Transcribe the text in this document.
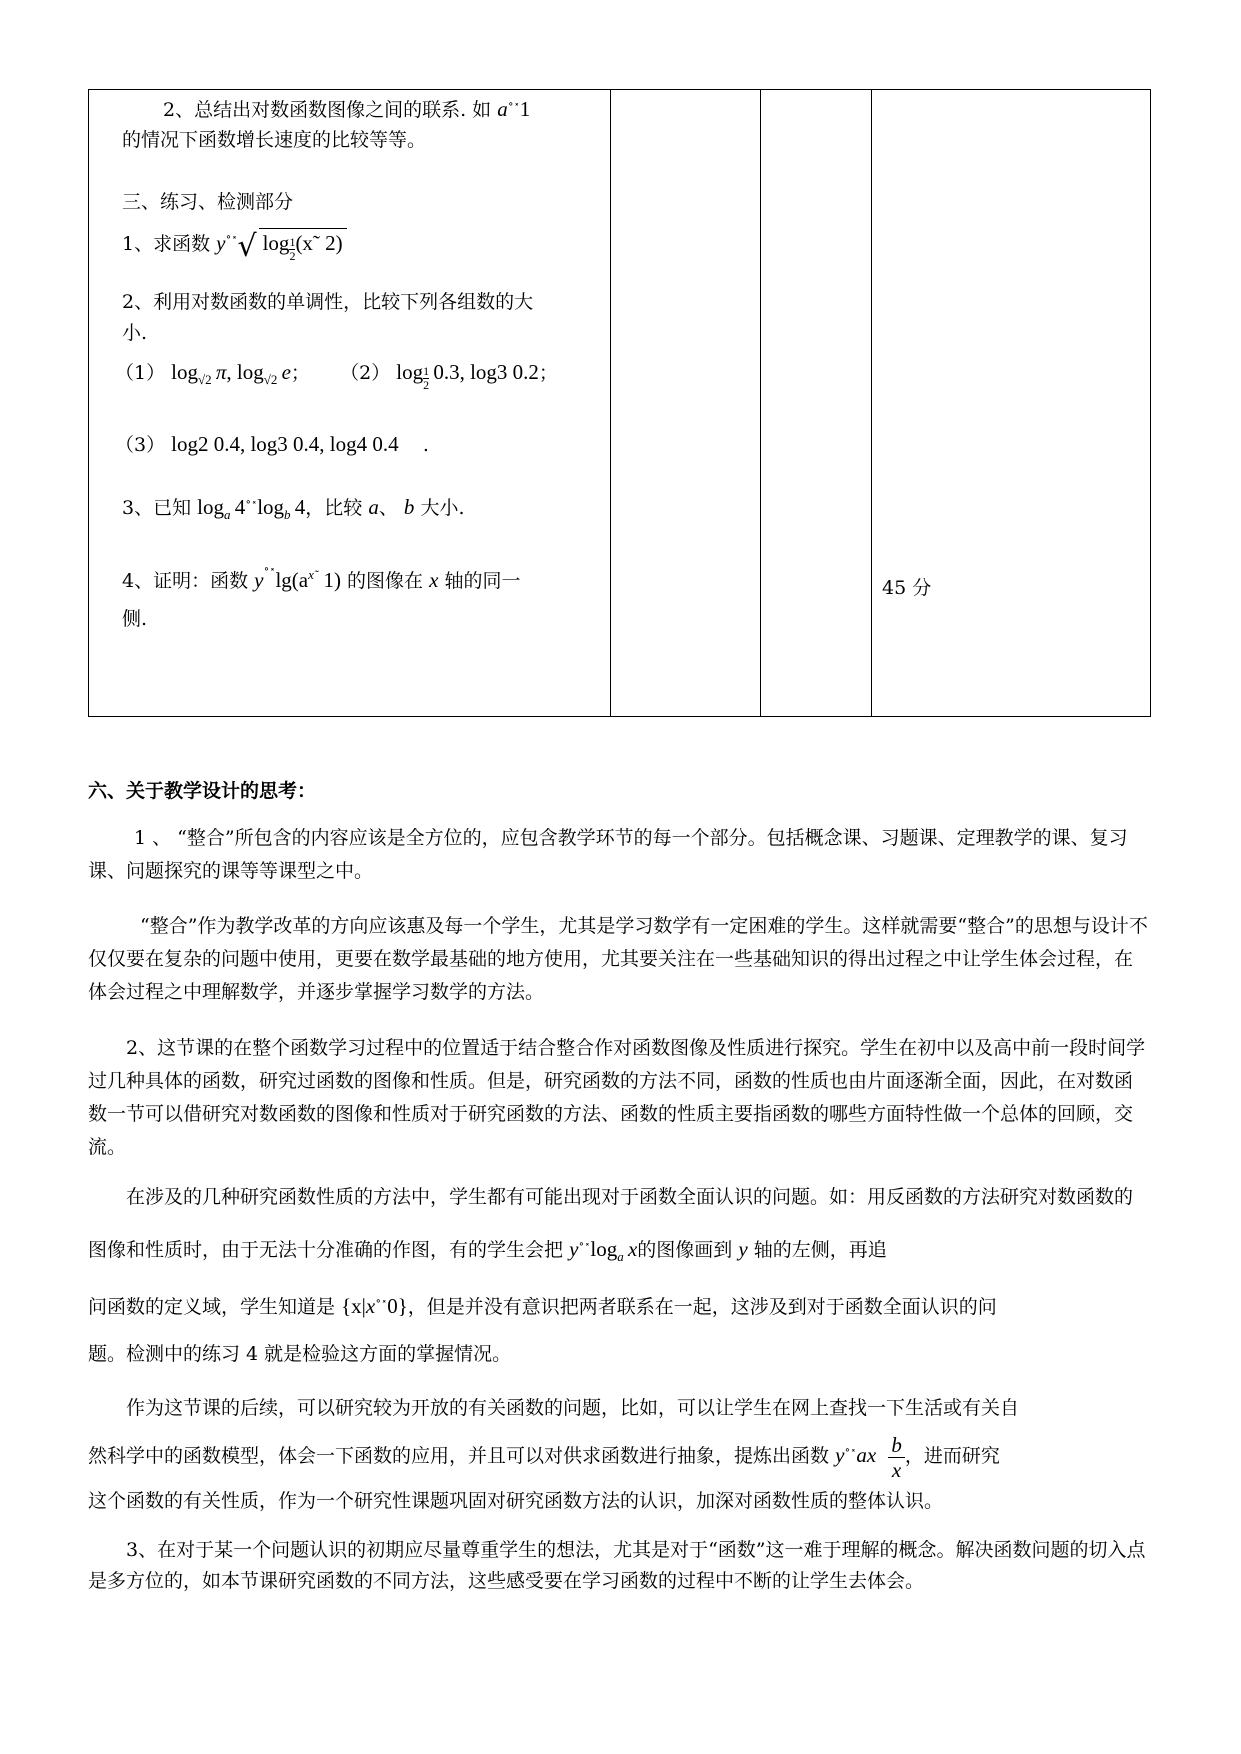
2、总结出对数函数图像之间的联系. 如 a˚˟1
的情况下函数增长速度的比较等等。
三、练习、检测部分
1、求函数 y˚˟√ $\log \frac{1}{2}(x˜$ 2)
2、利用对数函数的单调性，比较下列各组数的大
小.
（1） $\log_{√2} \pi$, $\log_{√2} e$； （2） $\log \frac{1}{2} 0.3$, log3 0.2；
（3） log2 0.4, log3 0.4, log4 0.4 .
3、已知 $\log_a 4^{˚˟}\log_b$  4，比较 a、 b 大小.
4、证明：函数 $y^{˚˟}\lg(a^{x˜}$ 1) 的图像在 x 轴的同一
侧.
45 分
六、关于教学设计的思考：
1 、 “整合”所包含的内容应该是全方位的，应包含教学环节的每一个部分。包括概念课、习题课、定理教学的课、复习课、问题探究的课等等课型之中。
“整合”作为教学改革的方向应该惠及每一个学生，尤其是学习数学有一定困难的学生。这样就需要“整合”的思想与设计不仅仅要在复杂的问题中使用，更要在数学最基础的地方使用，尤其要关注在一些基础知识的得出过程之中让学生体会过程，在体会过程之中理解数学，并逐步掌握学习数学的方法。
2、这节课的在整个函数学习过程中的位置适于结合整合作对函数图像及性质进行探究。学生在初中以及高中前一段时间学过几种具体的函数，研究过函数的图像和性质。但是，研究函数的方法不同，函数的性质也由片面逐渐全面，因此，在对数函数一节可以借研究对数函数的图像和性质对于研究函数的方法、函数的性质主要指函数的哪些方面特性做一个总体的回顾，交流。
在涉及的几种研究函数性质的方法中，学生都有可能出现对于函数全面认识的问题。如：用反函数的方法研究对数函数的图像和性质时，由于无法十分准确的作图，有的学生会把 $y^{˚˟}\log_a$  x的图像画到 y 轴的左侧，再追
问函数的定义域，学生知道是 {x|x˚˟0}，但是并没有意识把两者联系在一起，这涉及到对于函数全面认识的问
题。检测中的练习 4 就是检验这方面的掌握情况。
作为这节课的后续，可以研究较为开放的有关函数的问题，比如，可以让学生在网上查找一下生活或有关自
然科学中的函数模型，体会一下函数的应用，并且可以对供求函数进行抽象，提炼出函数 $y^{˚˟}ax \frac{b}{x}$ ，进而研究
这个函数的有关性质，作为一个研究性课题巩固对研究函数方法的认识，加深对函数性质的整体认识。
3、在对于某一个问题认识的初期应尽量尊重学生的想法，尤其是对于“函数”这一难于理解的概念。解决函数问题的切入点是多方位的，如本节课研究函数的不同方法，这些感受要在学习函数的过程中不断的让学生去体会。
